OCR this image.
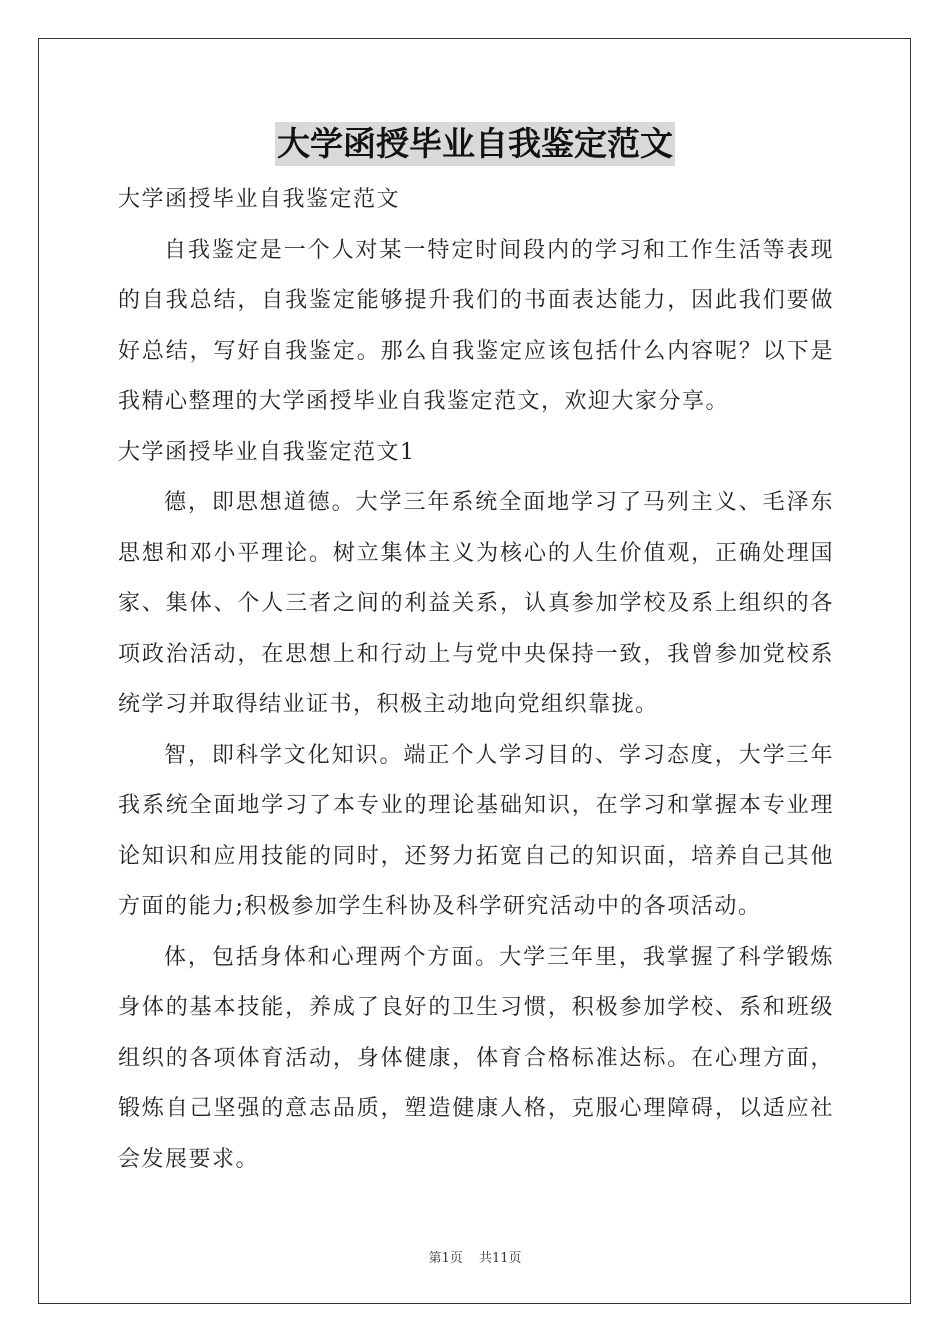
大学函授毕业自我鉴定范文

大学函授毕业自我鉴定范文

自我鉴定是一个人对某一特定时间段内的学习和工作生活等表现的自我总结，自我鉴定能够提升我们的书面表达能力，因此我们要做好总结，写好自我鉴定。那么自我鉴定应该包括什么内容呢？以下是我精心整理的大学函授毕业自我鉴定范文，欢迎大家分享。

大学函授毕业自我鉴定范文1

德，即思想道德。大学三年系统全面地学习了马列主义、毛泽东思想和邓小平理论。树立集体主义为核心的人生价值观，正确处理国家、集体、个人三者之间的利益关系，认真参加学校及系上组织的各项政治活动，在思想上和行动上与党中央保持一致，我曾参加党校系统学习并取得结业证书，积极主动地向党组织靠拢。

智，即科学文化知识。端正个人学习目的、学习态度，大学三年我系统全面地学习了本专业的理论基础知识，在学习和掌握本专业理论知识和应用技能的同时，还努力拓宽自己的知识面，培养自己其他方面的能力;积极参加学生科协及科学研究活动中的各项活动。

体，包括身体和心理两个方面。大学三年里，我掌握了科学锻炼身体的基本技能，养成了良好的卫生习惯，积极参加学校、系和班级组织的各项体育活动，身体健康，体育合格标准达标。在心理方面，锻炼自己坚强的意志品质，塑造健康人格，克服心理障碍，以适应社会发展要求。

第1页 共11页
